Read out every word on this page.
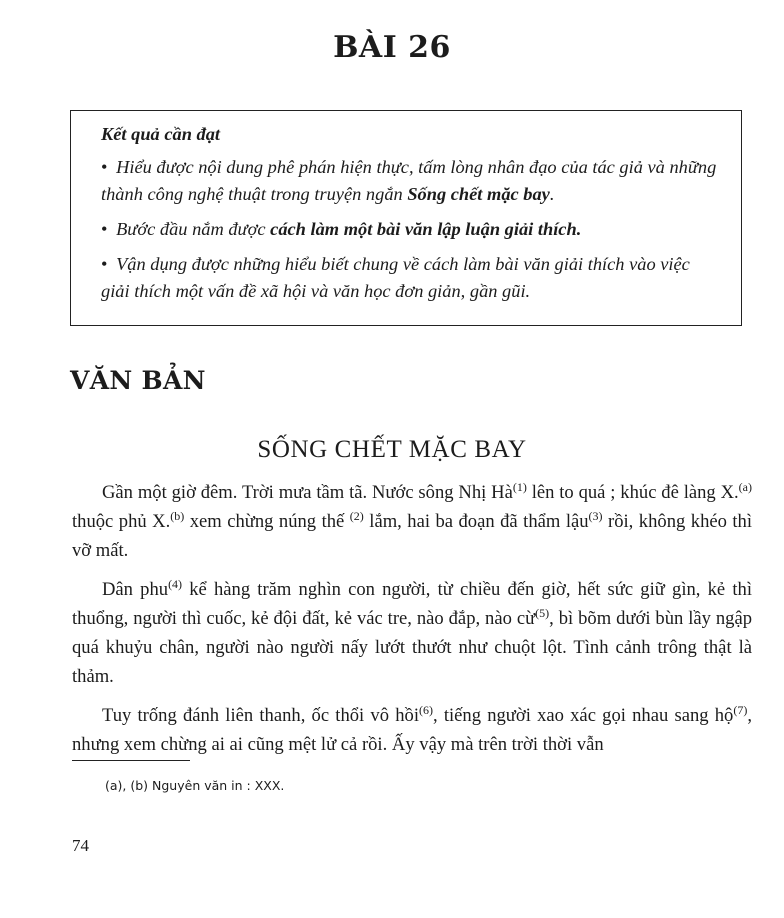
BÀI 26
Kết quả cần đạt
• Hiểu được nội dung phê phán hiện thực, tấm lòng nhân đạo của tác giả và những thành công nghệ thuật trong truyện ngắn Sống chết mặc bay.
• Bước đầu nắm được cách làm một bài văn lập luận giải thích.
• Vận dụng được những hiểu biết chung về cách làm bài văn giải thích vào việc giải thích một vấn đề xã hội và văn học đơn giản, gần gũi.
VĂN BẢN
SỐNG CHẾT MẶC BAY

Gần một giờ đêm. Trời mưa tầm tã. Nước sông Nhị $Hà^{(1)}$ lên to quá ; khúc đê làng X.$^{(a)}$ thuộc phủ X.$^{(b)}$ xem chừng núng thế $^{(2)}$ lắm, hai ba đoạn đã thẩm lậu$^{(3)}$ rồi, không khéo thì vỡ mất.

Dân phu$^{(4)}$ kể hàng trăm nghìn con người, từ chiều đến giờ, hết sức giữ gìn, kẻ thì thuổng, người thì cuốc, kẻ đội đất, kẻ vác tre, nào đắp, nào cừ$^{(5)}$, bì bõm dưới bùn lầy ngập quá khuỷu chân, người nào người nấy lướt thướt như chuột lột. Tình cảnh trông thật là thảm.

Tuy trống đánh liên thanh, ốc thổi vô hồi$^{(6)}$, tiếng người xao xác gọi nhau sang hộ$^{(7)}$, nhưng xem chừng ai ai cũng mệt lử cả rồi. Ấy vậy mà trên trời thời vẫn

(a), (b) Nguyên văn in : XXX.
74
